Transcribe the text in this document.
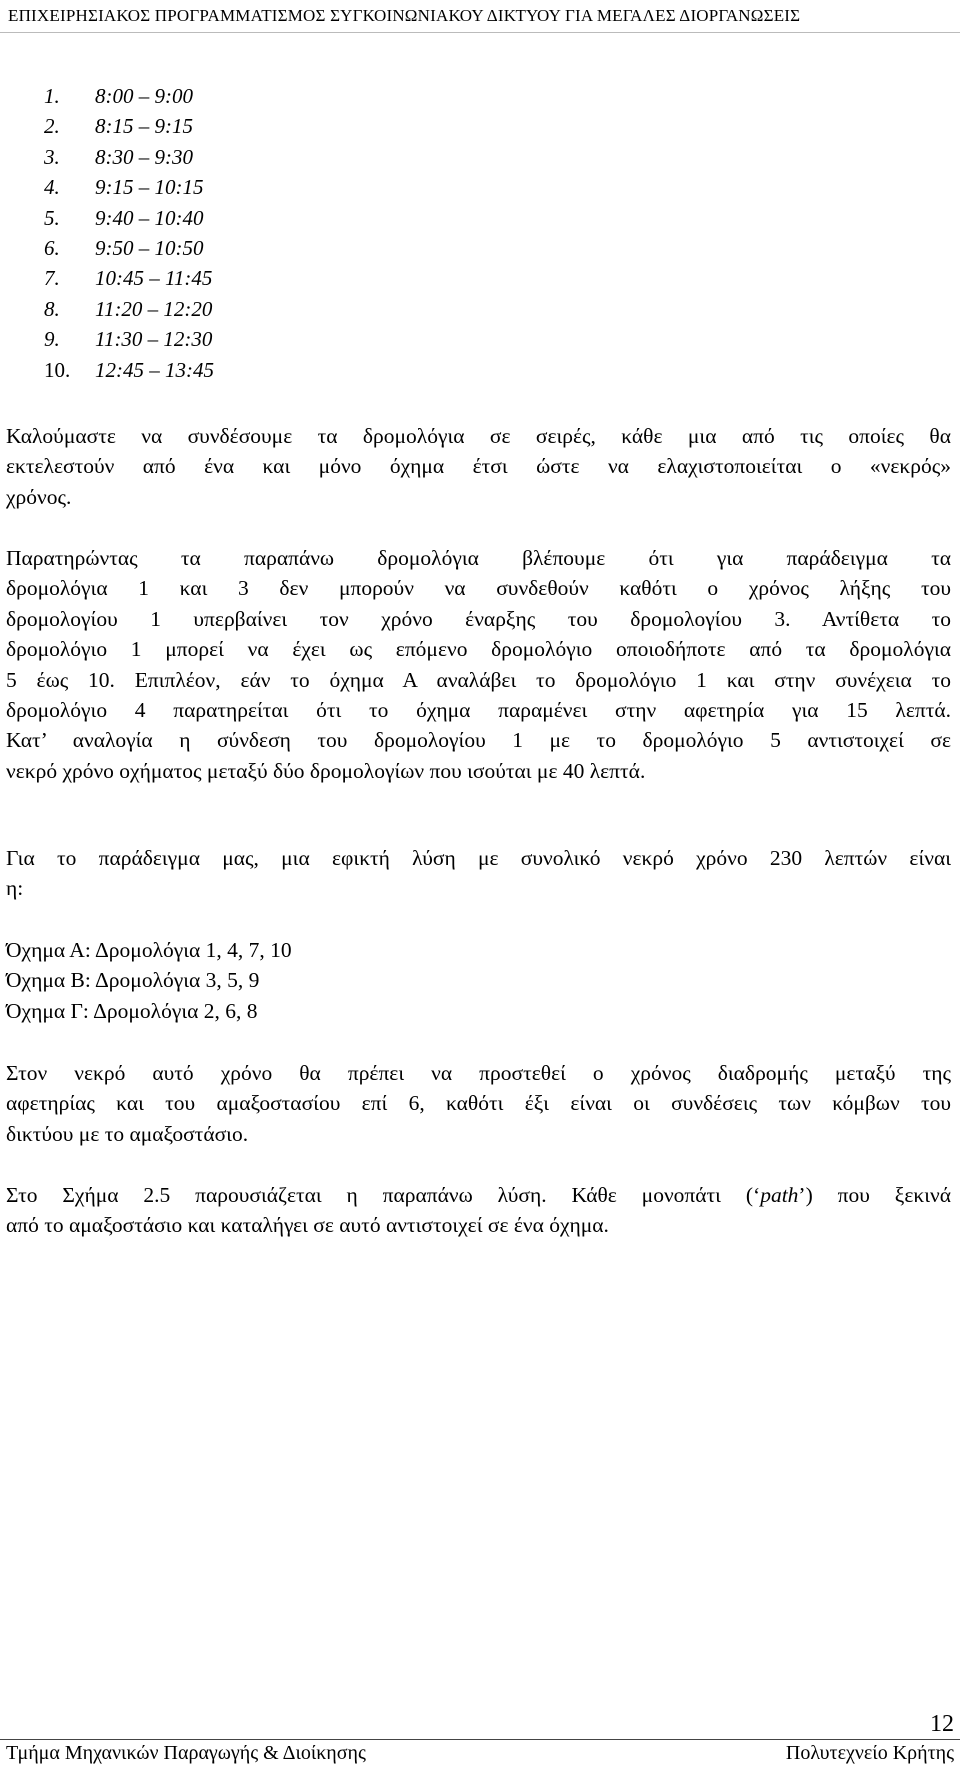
ΕΠΙΧΕΙΡΗΣΙΑΚΟΣ ΠΡΟΓΡΑΜΜΑΤΙΣΜΟΣ ΣΥΓΚΟΙΝΩΝΙΑΚΟΥ ΔΙΚΤΥΟΥ ΓΙΑ ΜΕΓΑΛΕΣ ΔΙΟΡΓΑΝΩΣΕΙΣ
1. 8:00 – 9:00
2. 8:15 – 9:15
3. 8:30 – 9:30
4. 9:15 – 10:15
5. 9:40 – 10:40
6. 9:50 – 10:50
7. 10:45 – 11:45
8. 11:20 – 12:20
9. 11:30 – 12:30
10. 12:45 – 13:45
Καλούμαστε να συνδέσουμε τα δρομολόγια σε σειρές, κάθε μια από τις οποίες θα
εκτελεστούν από ένα και μόνο όχημα έτσι ώστε να ελαχιστοποιείται ο «νεκρός»
χρόνος.
Παρατηρώντας τα παραπάνω δρομολόγια βλέπουμε ότι για παράδειγμα τα
δρομολόγια 1 και 3 δεν μπορούν να συνδεθούν καθότι ο χρόνος λήξης του
δρομολογίου 1 υπερβαίνει τον χρόνο έναρξης του δρομολογίου 3. Αντίθετα το
δρομολόγιο 1 μπορεί να έχει ως επόμενο δρομολόγιο οποιοδήποτε από τα δρομολόγια
5 έως 10. Επιπλέον, εάν το όχημα Α αναλάβει το δρομολόγιο 1 και στην συνέχεια το
δρομολόγιο 4 παρατηρείται ότι το όχημα παραμένει στην αφετηρία για 15 λεπτά.
Κατ’ αναλογία η σύνδεση του δρομολογίου 1 με το δρομολόγιο 5 αντιστοιχεί σε
νεκρό χρόνο οχήματος μεταξύ δύο δρομολογίων που ισούται με 40 λεπτά.
Για το παράδειγμα μας, μια εφικτή λύση με συνολικό νεκρό χρόνο 230 λεπτών είναι
η:
Όχημα Α: Δρομολόγια 1, 4, 7, 10
Όχημα Β: Δρομολόγια 3, 5, 9
Όχημα Γ: Δρομολόγια 2, 6, 8
Στον νεκρό αυτό χρόνο θα πρέπει να προστεθεί ο χρόνος διαδρομής μεταξύ της
αφετηρίας και του αμαξοστασίου επί 6, καθότι έξι είναι οι συνδέσεις των κόμβων του
δικτύου με το αμαξοστάσιο.
Στο Σχήμα 2.5 παρουσιάζεται η παραπάνω λύση. Κάθε μονοπάτι (‘path’) που ξεκινά
από το αμαξοστάσιο και καταλήγει σε αυτό αντιστοιχεί σε ένα όχημα.
12
Τμήμα Μηχανικών Παραγωγής & Διοίκησης	Πολυτεχνείο Κρήτης
